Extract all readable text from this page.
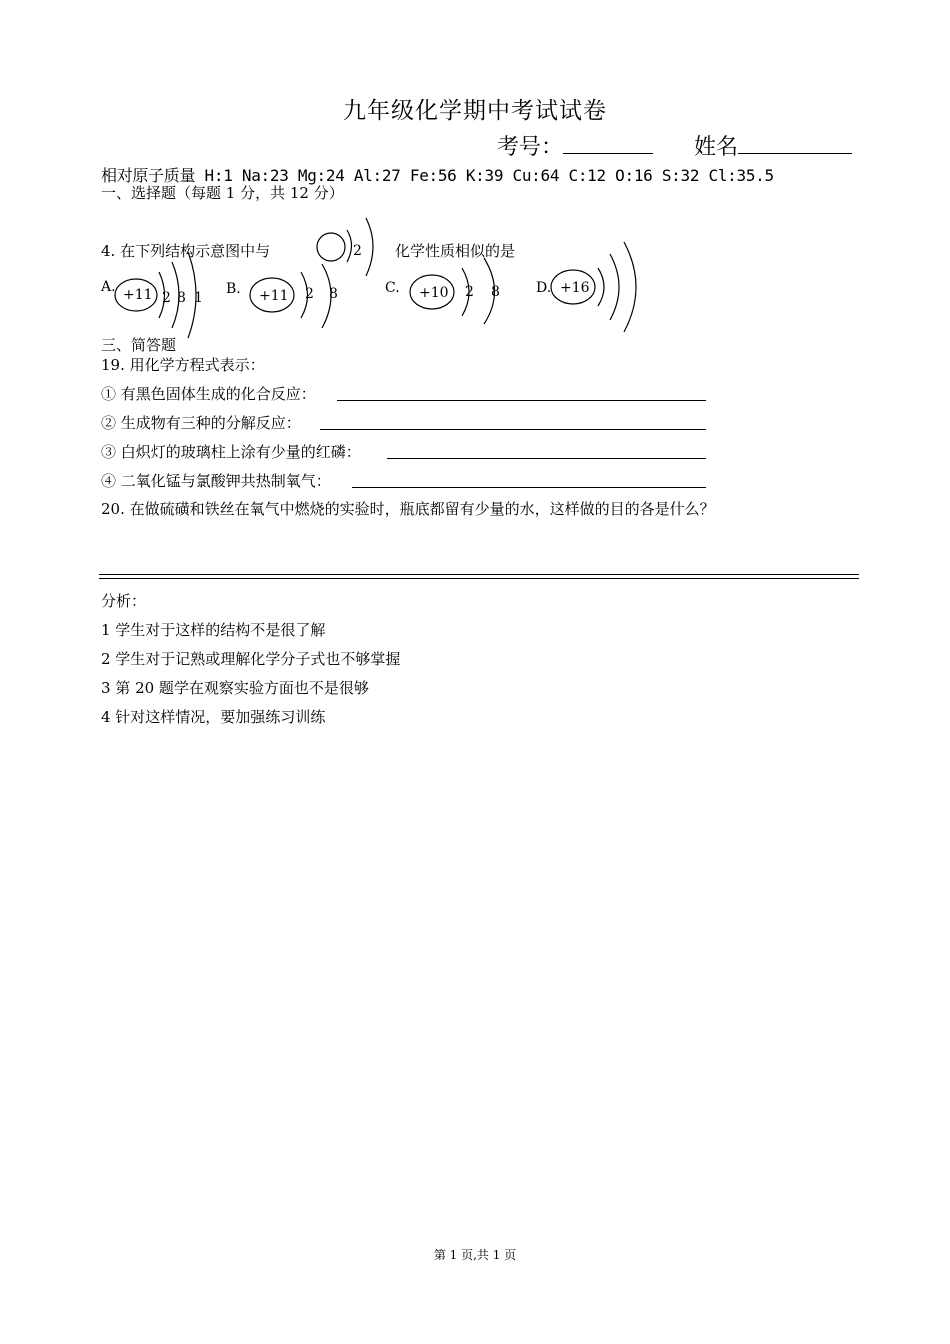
九年级化学期中考试试卷
考号：	姓名
相对原子质量 H:1 Na:23 Mg:24 Al:27 Fe:56 K:39 Cu:64 C:12 O:16 S:32 Cl:35.5
一、选择题（每题 1 分，共 12 分）
4. 在下列结构示意图中与	化学性质相似的是
2
A. +11 2 8 1
B. +11 2 8	C. +10 2 8	D. +16
三、简答题
19. 用化学方程式表示：
① 有黑色固体生成的化合反应：
② 生成物有三种的分解反应：
③ 白炽灯的玻璃柱上涂有少量的红磷：
④ 二氧化锰与氯酸钾共热制氧气：
20. 在做硫磺和铁丝在氧气中燃烧的实验时，瓶底都留有少量的水，这样做的目的各是什么？
分析：
1 学生对于这样的结构不是很了解
2 学生对于记熟或理解化学分子式也不够掌握
3 第 20 题学在观察实验方面也不是很够
4 针对这样情况，要加强练习训练
第 1 页,共 1 页
